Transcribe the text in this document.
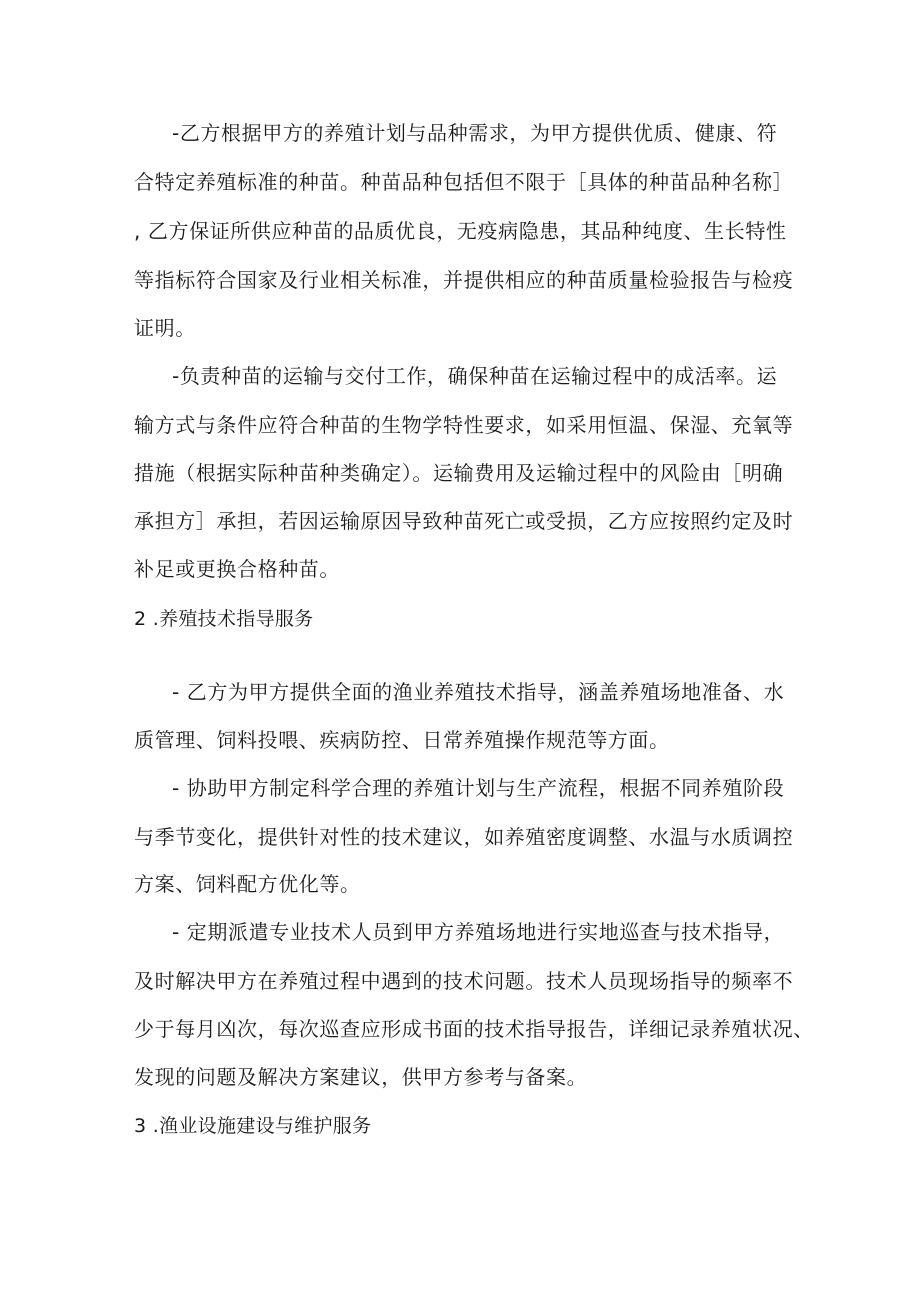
-乙方根据甲方的养殖计划与品种需求，为甲方提供优质、健康、符

合特定养殖标准的种苗。种苗品种包括但不限于［具体的种苗品种名称］

, 乙方保证所供应种苗的品质优良，无疫病隐患，其品种纯度、生长特性

等指标符合国家及行业相关标准，并提供相应的种苗质量检验报告与检疫

证明。

-负责种苗的运输与交付工作，确保种苗在运输过程中的成活率。运

输方式与条件应符合种苗的生物学特性要求，如采用恒温、保湿、充氧等

措施（根据实际种苗种类确定）。运输费用及运输过程中的风险由［明确

承担方］承担，若因运输原因导致种苗死亡或受损，乙方应按照约定及时

补足或更换合格种苗。

2 .养殖技术指导服务

- 乙方为甲方提供全面的渔业养殖技术指导，涵盖养殖场地准备、水

质管理、饲料投喂、疾病防控、日常养殖操作规范等方面。

- 协助甲方制定科学合理的养殖计划与生产流程，根据不同养殖阶段

与季节变化，提供针对性的技术建议，如养殖密度调整、水温与水质调控

方案、饲料配方优化等。

- 定期派遣专业技术人员到甲方养殖场地进行实地巡查与技术指导，

及时解决甲方在养殖过程中遇到的技术问题。技术人员现场指导的频率不

少于每月凶次，每次巡查应形成书面的技术指导报告，详细记录养殖状况、

发现的问题及解决方案建议，供甲方参考与备案。

3 .渔业设施建设与维护服务
